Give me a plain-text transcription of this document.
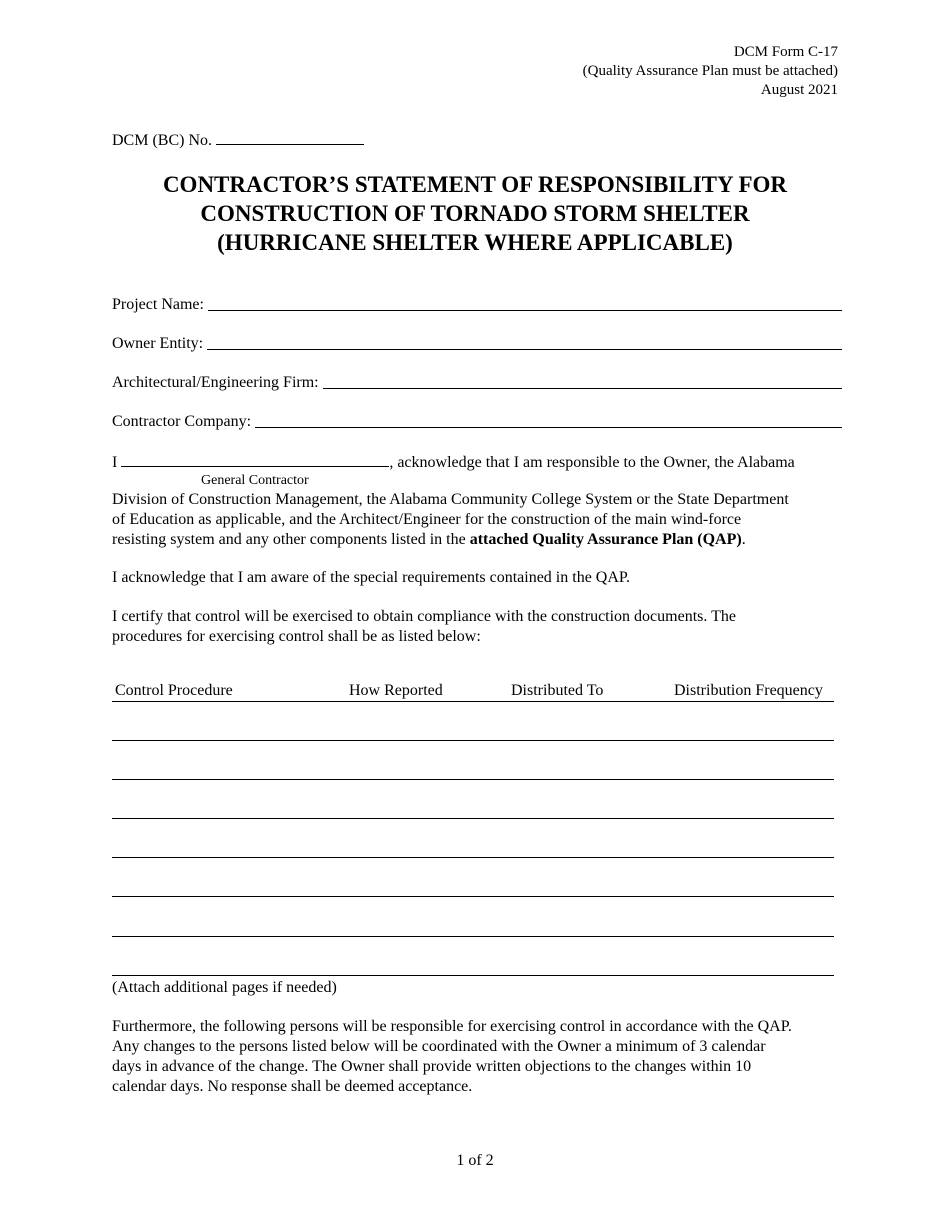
DCM Form C-17
(Quality Assurance Plan must be attached)
August 2021
DCM (BC) No.
CONTRACTOR’S STATEMENT OF RESPONSIBILITY FOR
CONSTRUCTION OF TORNADO STORM SHELTER
(HURRICANE SHELTER WHERE APPLICABLE)
Project Name:
Owner Entity:
Architectural/Engineering Firm:
Contractor Company:
I	, acknowledge that I am responsible to the Owner, the Alabama
General Contractor
Division of Construction Management, the Alabama Community College System or the State Department
of Education as applicable, and the Architect/Engineer for the construction of the main wind-force
resisting system and any other components listed in the attached Quality Assurance Plan (QAP).
I acknowledge that I am aware of the special requirements contained in the QAP.
I certify that control will be exercised to obtain compliance with the construction documents. The
procedures for exercising control shall be as listed below:
Control Procedure	How Reported	Distributed To	Distribution Frequency
(Attach additional pages if needed)
Furthermore, the following persons will be responsible for exercising control in accordance with the QAP.
Any changes to the persons listed below will be coordinated with the Owner a minimum of 3 calendar
days in advance of the change. The Owner shall provide written objections to the changes within 10
calendar days. No response shall be deemed acceptance.
1 of 2
